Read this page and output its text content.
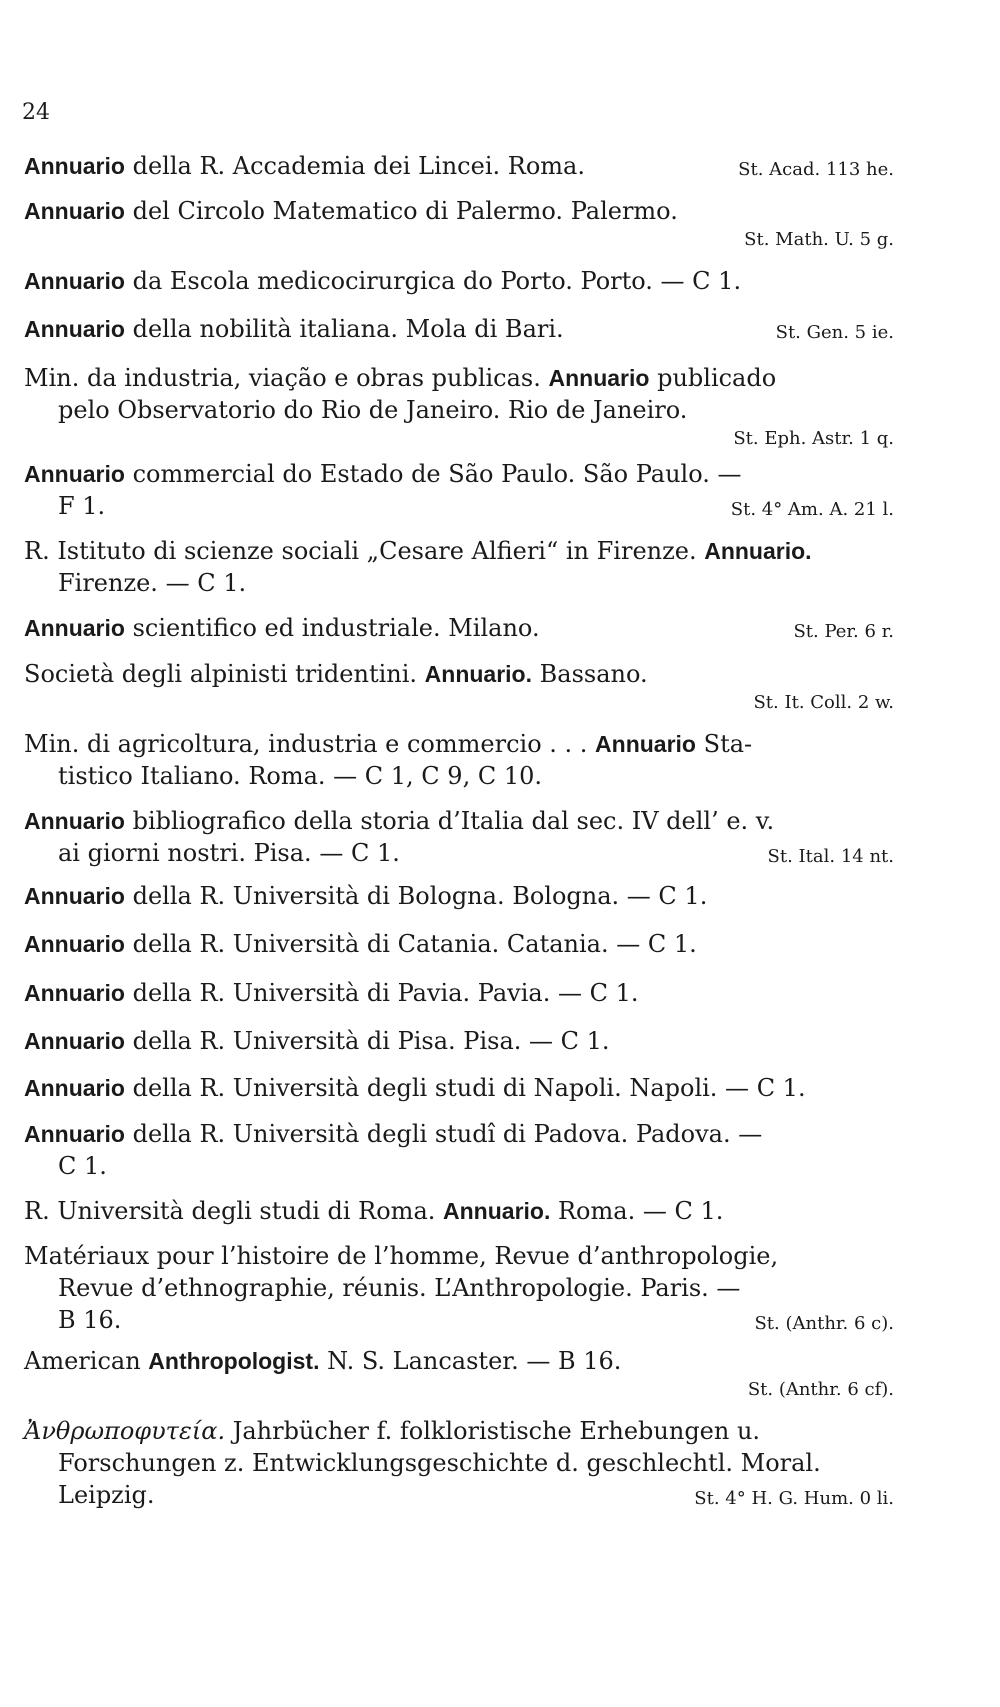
24
Annuario della R. Accademia dei Lincei. Roma.	St. Acad. 113 he.
Annuario del Circolo Matematico di Palermo. Palermo.
St. Math. U. 5 g.
Annuario da Escola medicocirurgica do Porto. Porto. — C 1.
Annuario della nobilità italiana. Mola di Bari.	St. Gen. 5 ie.
Min. da industria, viação e obras publicas. Annuario publicado
pelo Observatorio do Rio de Janeiro. Rio de Janeiro.
St. Eph. Astr. 1 q.
Annuario commercial do Estado de São Paulo. São Paulo. —
F 1.	St. 4° Am. A. 21 l.
R. Istituto di scienze sociali „Cesare Alfieri“ in Firenze. Annuario.
Firenze. — C 1.
Annuario scientifico ed industriale. Milano.	St. Per. 6 r.
Società degli alpinisti tridentini. Annuario. Bassano.
St. It. Coll. 2 w.
Min. di agricoltura, industria e commercio . . . Annuario Sta-
tistico Italiano. Roma. — C 1, C 9, C 10.
Annuario bibliografico della storia d’Italia dal sec. IV dell’ e. v.
ai giorni nostri. Pisa. — C 1.	St. Ital. 14 nt.
Annuario della R. Università di Bologna. Bologna. — C 1.
Annuario della R. Università di Catania. Catania. — C 1.
Annuario della R. Università di Pavia. Pavia. — C 1.
Annuario della R. Università di Pisa. Pisa. — C 1.
Annuario della R. Università degli studi di Napoli. Napoli. — C 1.
Annuario della R. Università degli studî di Padova. Padova. —
C 1.
R. Università degli studi di Roma. Annuario. Roma. — C 1.
Matériaux pour l’histoire de l’homme, Revue d’anthropologie,
Revue d’ethnographie, réunis. L’Anthropologie. Paris. —
B 16.	St. (Anthr. 6 c).
American Anthropologist. N. S. Lancaster. — B 16.
St. (Anthr. 6 cf).
Ἀνθρωποφυτεία. Jahrbücher f. folkloristische Erhebungen u.
Forschungen z. Entwicklungsgeschichte d. geschlechtl. Moral.
Leipzig.	St. 4° H. G. Hum. 0 li.
